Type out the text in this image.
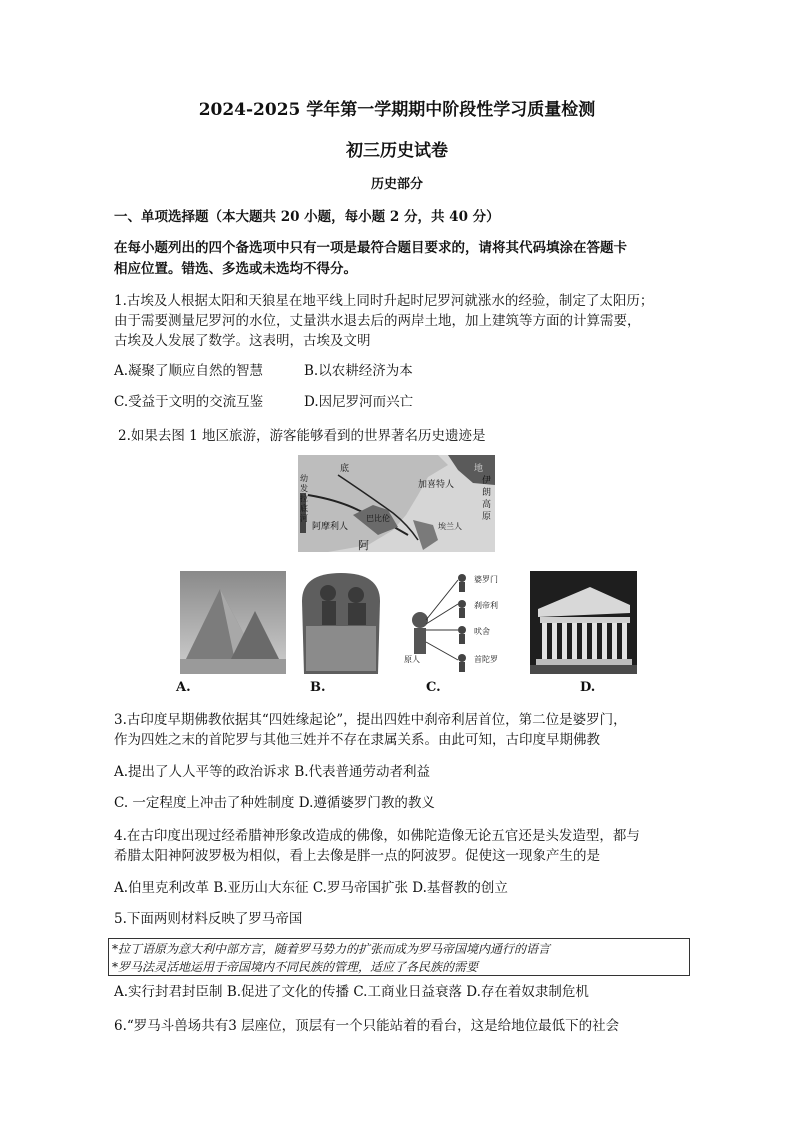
2024-2025 学年第一学期期中阶段性学习质量检测
初三历史试卷
历史部分
一、单项选择题（本大题共 20 小题，每小题 2 分，共 40 分）
在每小题列出的四个备选项中只有一项是最符合题目要求的，请将其代码填涂在答题卡
相应位置。错选、多选或未选均不得分。
1.古埃及人根据太阳和天狼星在地平线上同时升起时尼罗河就涨水的经验，制定了太阳历；
由于需要测量尼罗河的水位，丈量洪水退去后的两岸土地，加上建筑等方面的计算需要，
古埃及人发展了数学。这表明，古埃及文明
A.凝聚了顺应自然的智慧	B.以农耕经济为本
C.受益于文明的交流互鉴	D.因尼罗河而兴亡
2.如果去图 1 地区旅游，游客能够看到的世界著名历史遗迹是
底
幼
发
拉
底
河
加喜特人	伊
朗
高
原
阿摩利人
巴比伦
埃兰人
阿
地
婆罗门
刹帝利
吠舍
首陀罗
原人
A.	B.	C.	D.
3.古印度早期佛教依据其“四姓缘起论”，提出四姓中刹帝利居首位，第二位是婆罗门，
作为四姓之末的首陀罗与其他三姓并不存在隶属关系。由此可知，古印度早期佛教
A.提出了人人平等的政治诉求 B.代表普通劳动者利益
C. 一定程度上冲击了种姓制度 D.遵循婆罗门教的教义
4.在古印度出现过经希腊神形象改造成的佛像，如佛陀造像无论五官还是头发造型，都与
希腊太阳神阿波罗极为相似，看上去像是胖一点的阿波罗。促使这一现象产生的是
A.伯里克利改革 B.亚历山大东征 C.罗马帝国扩张 D.基督教的创立
5.下面两则材料反映了罗马帝国
*拉丁语原为意大利中部方言，随着罗马势力的扩张而成为罗马帝国境内通行的语言
*罗马法灵活地运用于帝国境内不同民族的管理，适应了各民族的需要
A.实行封君封臣制 B.促进了文化的传播 C.工商业日益衰落 D.存在着奴隶制危机
6.“罗马斗兽场共有3 层座位，顶层有一个只能站着的看台，这是给地位最低下的社会
